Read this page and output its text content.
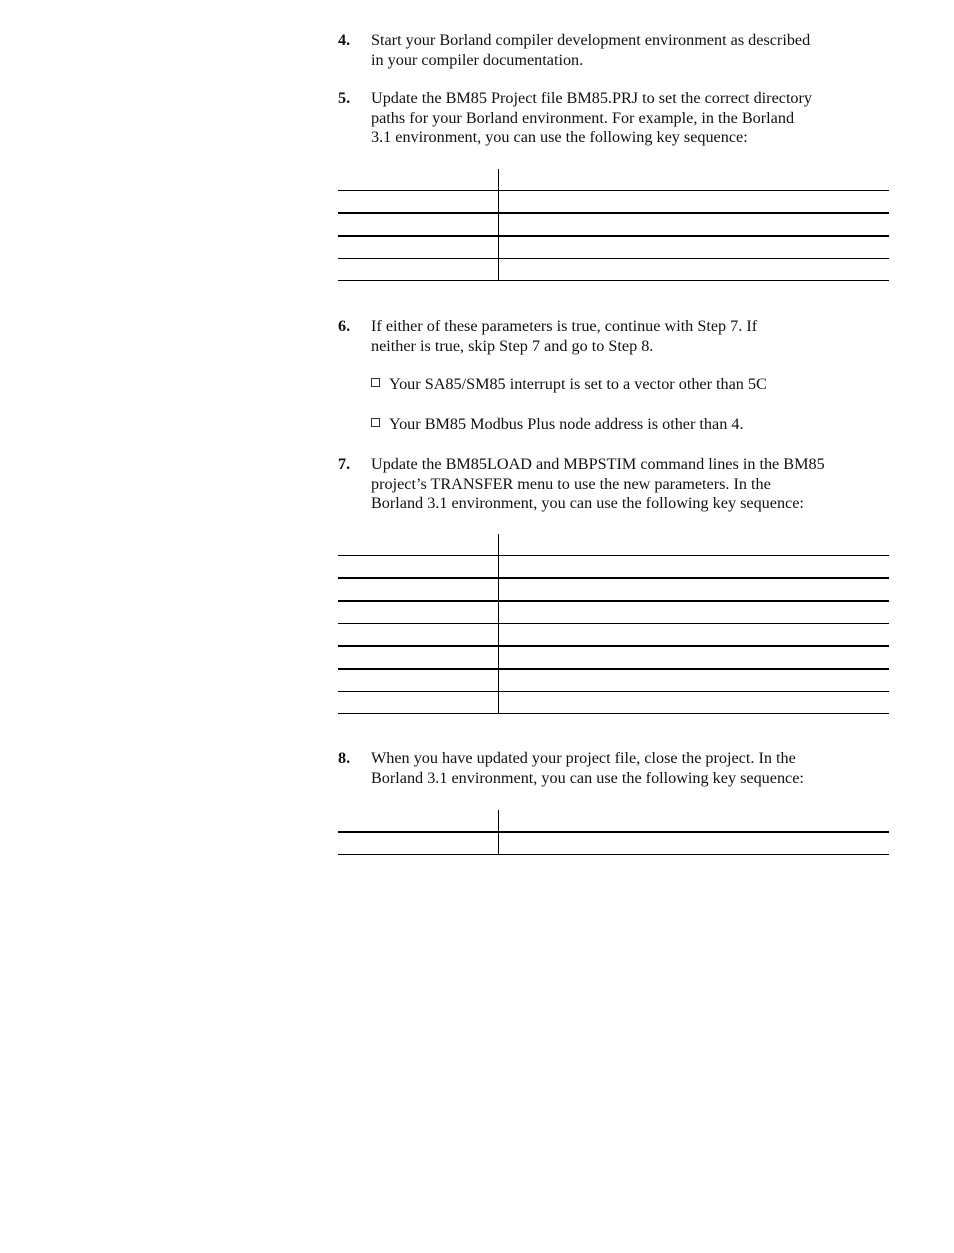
4. Start your Borland compiler development environment as described
in your compiler documentation.
5. Update the BM85 Project file BM85.PRJ to set the correct directory
paths for your Borland environment. For example, in the Borland
3.1 environment, you can use the following key sequence:

6. If either of these parameters is true, continue with Step 7. If
neither is true, skip Step 7 and go to Step 8.
Your SA85/SM85 interrupt is set to a vector other than 5C
Your BM85 Modbus Plus node address is other than 4.
7. Update the BM85LOAD and MBPSTIM command lines in the BM85
project’s TRANSFER menu to use the new parameters. In the
Borland 3.1 environment, you can use the following key sequence:

8. When you have updated your project file, close the project. In the
Borland 3.1 environment, you can use the following key sequence:
